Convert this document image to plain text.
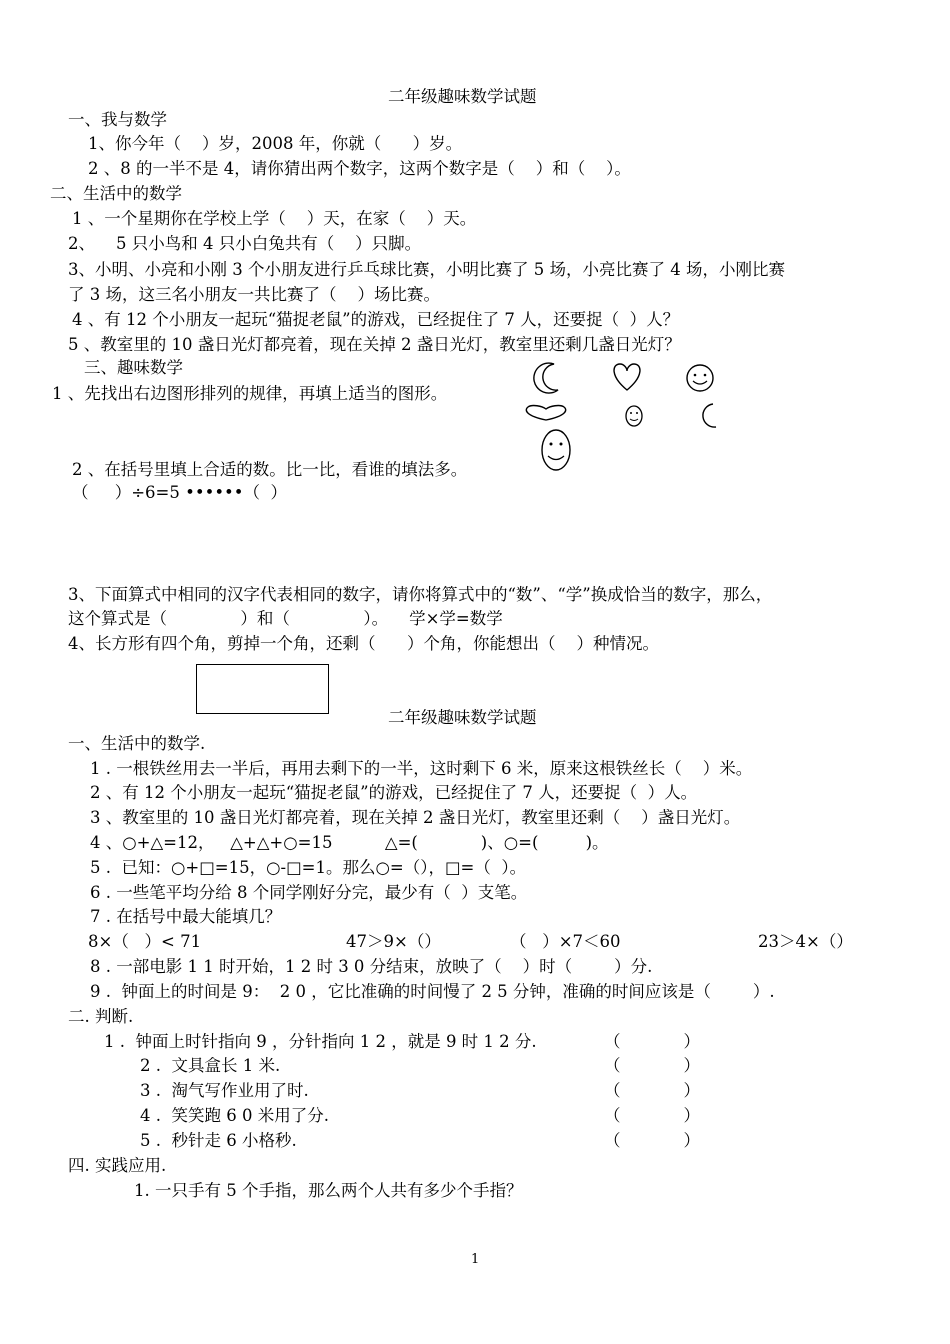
二年级趣味数学试题
一、我与数学
1、你今年（    ）岁，2008 年，你就（      ）岁。
2 、8 的一半不是 4，请你猜出两个数字，这两个数字是（    ）和（    ）。
二、生活中的数学
1 、一个星期你在学校上学（    ）天，在家（    ）天。
2、    5 只小鸟和 4 只小白兔共有（    ）只脚。
3、小明、小亮和小刚 3 个小朋友进行乒乓球比赛，小明比赛了 5 场，小亮比赛了 4 场，小刚比赛
了 3 场，这三名小朋友一共比赛了（    ）场比赛。
4 、有 12 个小朋友一起玩“猫捉老鼠”的游戏，已经捉住了 7 人，还要捉（  ）人？
5 、教室里的 10 盏日光灯都亮着，现在关掉 2 盏日光灯，教室里还剩几盏日光灯？
三、趣味数学
1 、先找出右边图形排列的规律，再填上适当的图形。
2 、在括号里填上合适的数。比一比，看谁的填法多。
（     ）÷6=5 ••••••（  ）
3、下面算式中相同的汉字代表相同的数字，请你将算式中的“数”、“学”换成恰当的数字，那么，
这个算式是（              ）和（              ）。    学×学=数学
4、长方形有四个角，剪掉一个角，还剩（      ）个角，你能想出（    ）种情况。
二年级趣味数学试题
一、生活中的数学.
1 . 一根铁丝用去一半后，再用去剩下的一半，这时剩下 6 米，原来这根铁丝长（    ）米。
2 、有 12 个小朋友一起玩“猫捉老鼠”的游戏，已经捉住了 7 人，还要捉（  ）人。
3 、教室里的 10 盏日光灯都亮着，现在关掉 2 盏日光灯，教室里还剩（    ）盏日光灯。
4 、○+△=12，   △+△+○=15          △=(            )、○=(         )。
5 .  已知：○+□=15，○-□=1。那么○=（），□=（  ）。
6 . 一些笔平均分给 8 个同学刚好分完，最少有（  ）支笔。
7 . 在括号中最大能填几？
8×（   ）< 71	47＞9×（）	（   ）×7＜60	23＞4×（）
8 . 一部电影 1 1 时开始，1 2 时 3 0 分结束，放映了（    ）时（        ）分.
9 .  钟面上的时间是 9：  2 0 ，它比准确的时间慢了 2 5 分钟，准确的时间应该是（        ）.
二. 判断.
1 .  钟面上时针指向 9 ，分针指向 1 2 ，就是 9 时 1 2 分.	（            ）
2 .  文具盒长 1 米.	（            ）
3 .  淘气写作业用了时.	（            ）
4 .  笑笑跑 6 0 米用了分.	（            ）
5 .  秒针走 6 小格秒.	（            ）
四. 实践应用.
1. 一只手有 5 个手指，那么两个人共有多少个手指？
1
